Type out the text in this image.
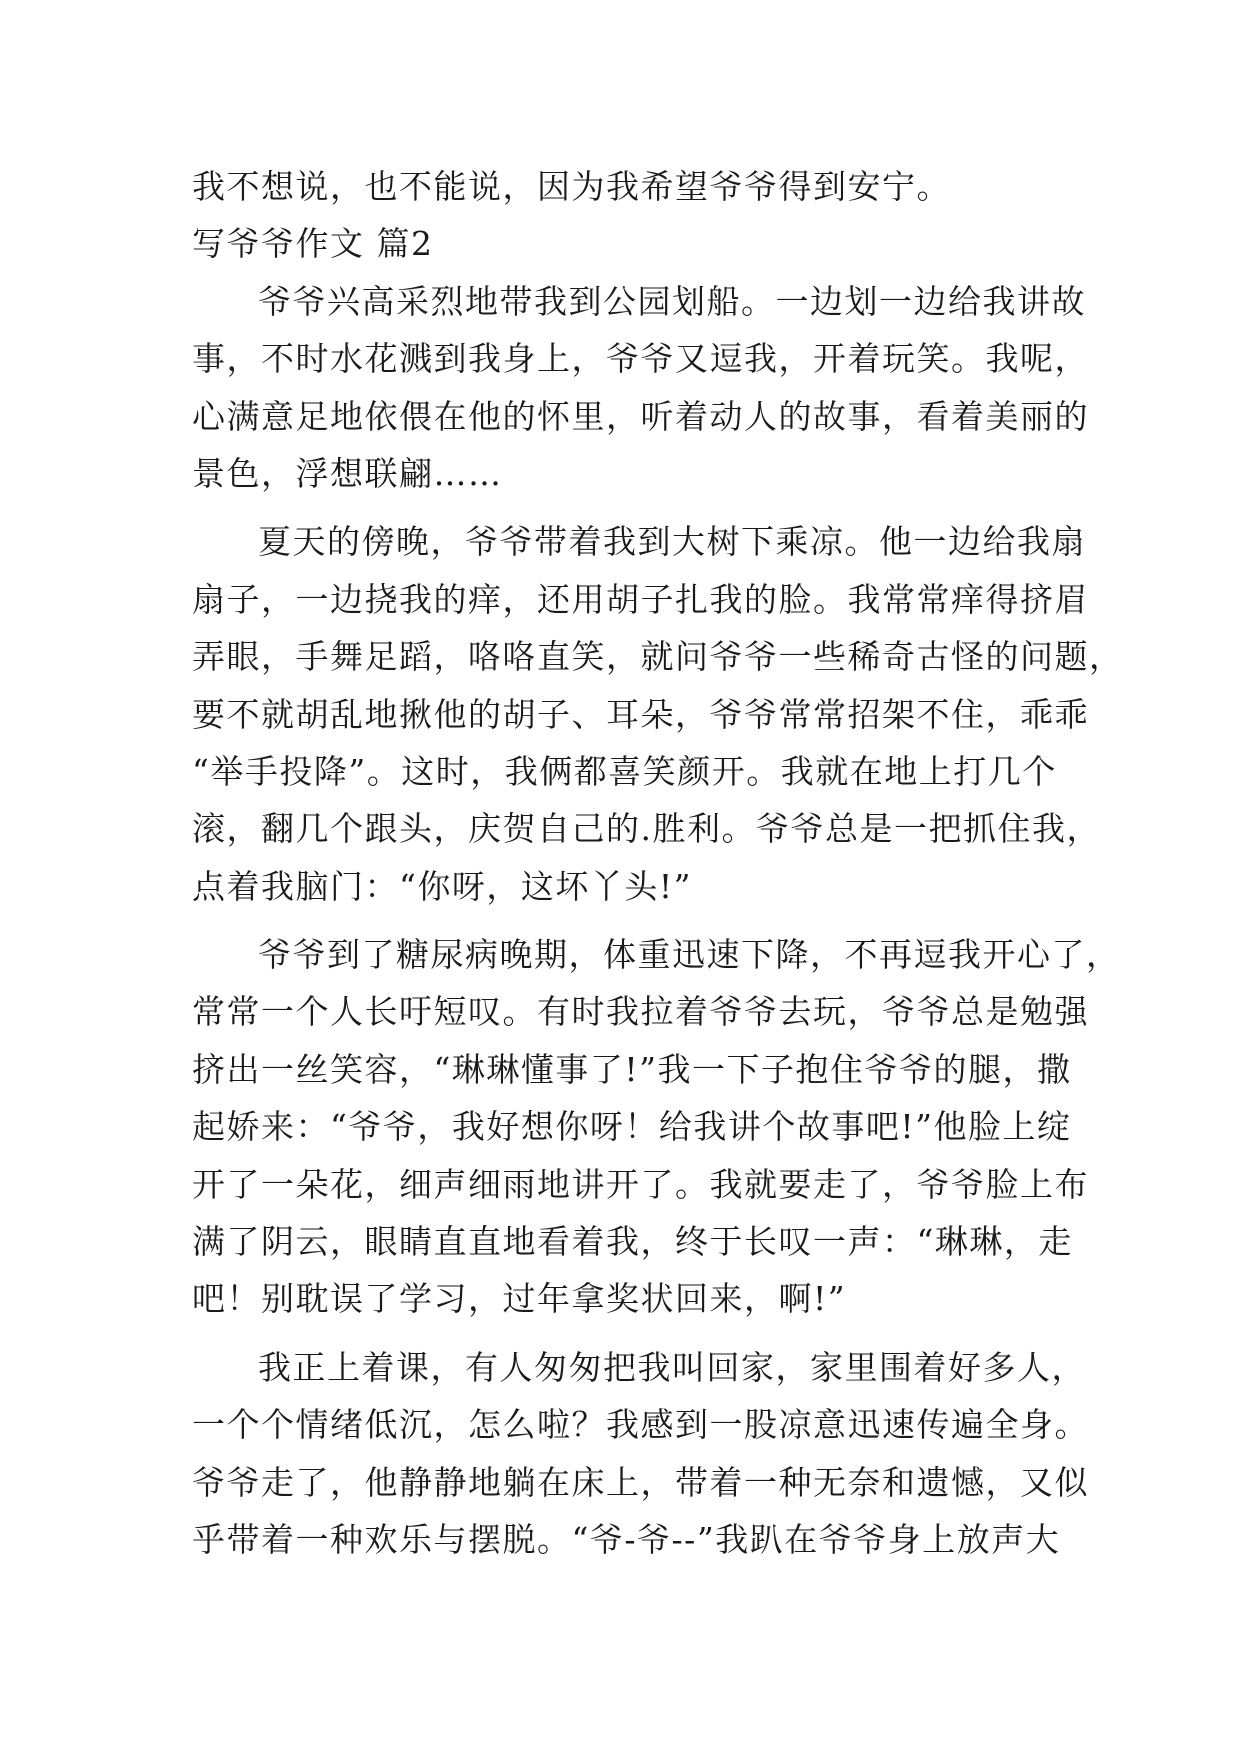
我不想说，也不能说，因为我希望爷爷得到安宁。
写爷爷作文 篇2
爷爷兴高采烈地带我到公园划船。一边划一边给我讲故
事，不时水花溅到我身上，爷爷又逗我，开着玩笑。我呢，
心满意足地依偎在他的怀里，听着动人的故事，看着美丽的
景色，浮想联翩……
夏天的傍晚，爷爷带着我到大树下乘凉。他一边给我扇
扇子，一边挠我的痒，还用胡子扎我的脸。我常常痒得挤眉
弄眼，手舞足蹈，咯咯直笑，就问爷爷一些稀奇古怪的问题，
要不就胡乱地揪他的胡子、耳朵，爷爷常常招架不住，乖乖
“举手投降”。这时，我俩都喜笑颜开。我就在地上打几个
滚，翻几个跟头，庆贺自己的.胜利。爷爷总是一把抓住我，
点着我脑门：“你呀，这坏丫头!”
爷爷到了糖尿病晚期，体重迅速下降，不再逗我开心了，
常常一个人长吁短叹。有时我拉着爷爷去玩，爷爷总是勉强
挤出一丝笑容，“琳琳懂事了!”我一下子抱住爷爷的腿，撒
起娇来：“爷爷，我好想你呀！给我讲个故事吧!”他脸上绽
开了一朵花，细声细雨地讲开了。我就要走了，爷爷脸上布
满了阴云，眼睛直直地看着我，终于长叹一声：“琳琳，走
吧！别耽误了学习，过年拿奖状回来，啊!”
我正上着课，有人匆匆把我叫回家，家里围着好多人，
一个个情绪低沉，怎么啦？我感到一股凉意迅速传遍全身。
爷爷走了，他静静地躺在床上，带着一种无奈和遗憾，又似
乎带着一种欢乐与摆脱。“爷-爷--”我趴在爷爷身上放声大
